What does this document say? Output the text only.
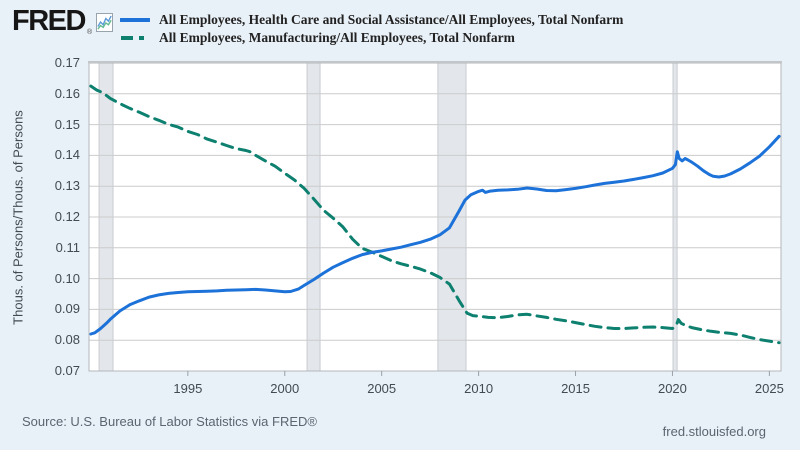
FRED ®
All Employees, Health Care and Social Assistance/All Employees, Total Nonfarm
All Employees, Manufacturing/All Employees, Total Nonfarm
Thous. of Persons/Thous. of Persons
0.17
0.16
0.15
0.14
0.13
0.12
0.11
0.10
0.09
0.08
0.07
1995	2000	2005	2010	2015	2020	2025
Source: U.S. Bureau of Labor Statistics via FRED®
fred.stlouisfed.org
